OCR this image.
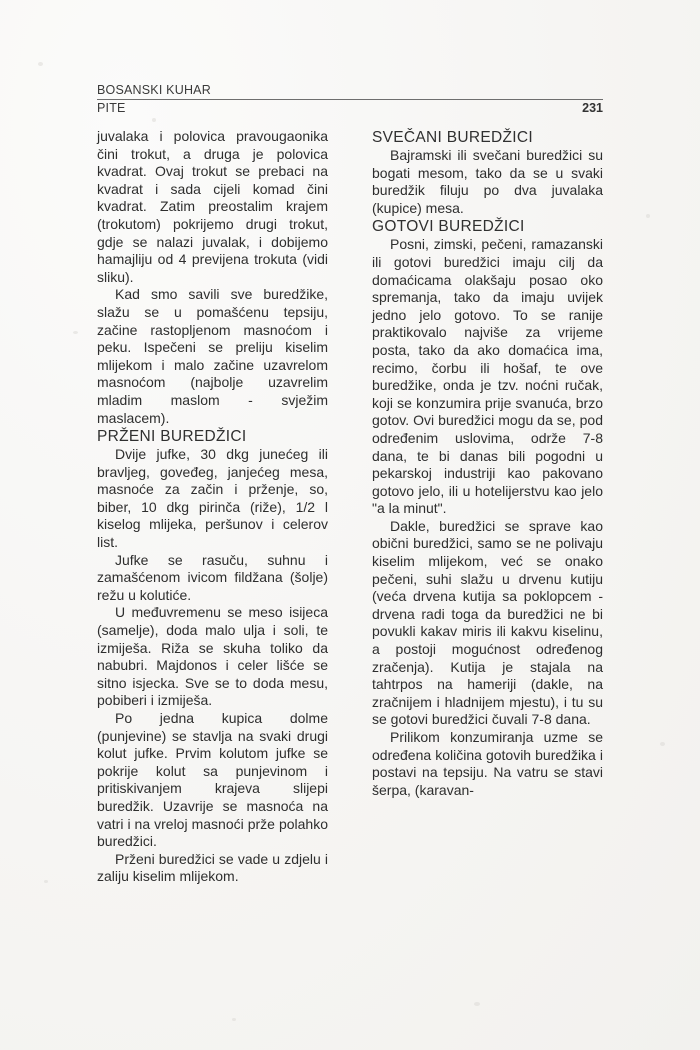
BOSANSKI KUHAR
PITE	231

juvalaka i polovica pravougaonika čini trokut, a druga je polovica kvadrat. Ovaj trokut se prebaci na kvadrat i sada cijeli komad čini kvadrat. Zatim preostalim krajem (trokutom) pokrijemo drugi trokut, gdje se nalazi juvalak, i dobijemo hamajliju od 4 previjena trokuta (vidi sliku).

Kad smo savili sve buredžike, slažu se u pomašćenu tepsiju, začine rastopljenom masnoćom i peku. Ispečeni se preliju kiselim mlijekom i malo začine uzavrelom masnoćom (najbolje uzavrelim mladim maslom - svježim maslacem).

PRŽENI BUREDŽICI

Dvije jufke, 30 dkg junećeg ili bravljeg, goveđeg, janjećeg mesa, masnoće za začin i prženje, so, biber, 10 dkg pirinča (riže), 1/2 l kiselog mlijeka, peršunov i celerov list.

Jufke se rasuču, suhnu i zamašćenom ivicom fildžana (šolje) režu u kolutiće.

U međuvremenu se meso isijeca (samelje), doda malo ulja i soli, te izmiješa. Riža se skuha toliko da nabubri. Majdonos i celer lišće se sitno isjecka. Sve se to doda mesu, pobiberi i izmiješa.

Po jedna kupica dolme (punjevine) se stavlja na svaki drugi kolut jufke. Prvim kolutom jufke se pokrije kolut sa punjevinom i pritiskivanjem krajeva slijepi buredžik. Uzavrije se masnoća na vatri i na vreloj masnoći prže polahko buredžici.

Prženi buredžici se vade u zdjelu i zaliju kiselim mlijekom.

SVEČANI BUREDŽICI

Bajramski ili svečani buredžici su bogati mesom, tako da se u svaki buredžik filuju po dva juvalaka (kupice) mesa.

GOTOVI BUREDŽICI

Posni, zimski, pečeni, ramazanski ili gotovi buredžici imaju cilj da domaćicama olakšaju posao oko spremanja, tako da imaju uvijek jedno jelo gotovo. To se ranije praktikovalo najviše za vrijeme posta, tako da ako domaćica ima, recimo, čorbu ili hošaf, te ove buredžike, onda je tzv. noćni ručak, koji se konzumira prije svanuća, brzo gotov. Ovi buredžici mogu da se, pod određenim uslovima, održe 7-8 dana, te bi danas bili pogodni u pekarskoj industriji kao pakovano gotovo jelo, ili u hotelijerstvu kao jelo "a la minut".

Dakle, buredžici se sprave kao obični buredžici, samo se ne polivaju kiselim mlijekom, već se onako pečeni, suhi slažu u drvenu kutiju (veća drvena kutija sa poklopcem - drvena radi toga da buredžici ne bi povukli kakav miris ili kakvu kiselinu, a postoji mogućnost određenog zračenja). Kutija je stajala na tahtrpos na hameriji (dakle, na zračnijem i hladnijem mjestu), i tu su se gotovi buredžici čuvali 7-8 dana.

Prilikom konzumiranja uzme se određena količina gotovih buredžika i postavi na tepsiju. Na vatru se stavi šerpa, (karavan-
